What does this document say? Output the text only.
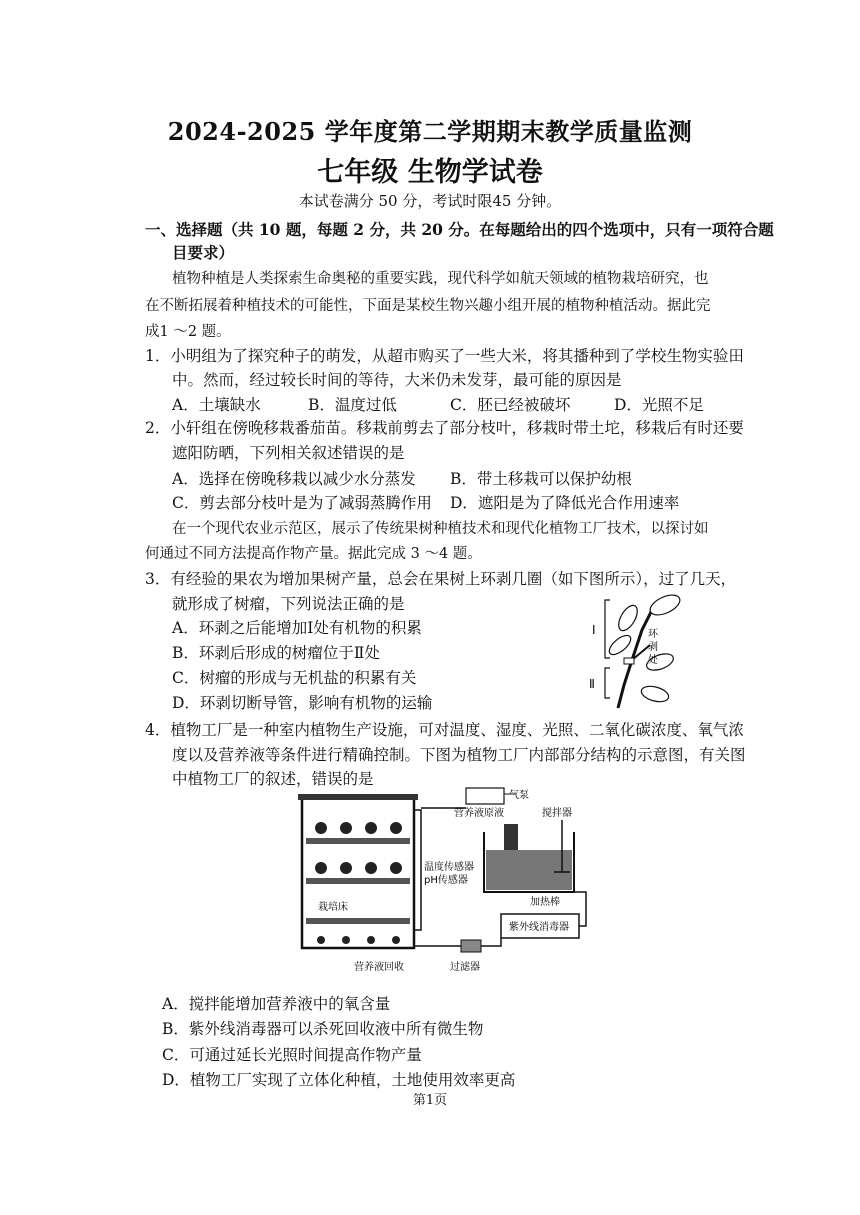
2024-2025 学年度第二学期期末教学质量监测
七年级 生物学试卷
本试卷满分 50 分，考试时限45 分钟。
一、选择题（共 10 题，每题 2 分，共 20 分。在每题给出的四个选项中，只有一项符合题
目要求）
植物种植是人类探索生命奥秘的重要实践，现代科学如航天领域的植物栽培研究，也
在不断拓展着种植技术的可能性，下面是某校生物兴趣小组开展的植物种植活动。据此完
成1 ～2 题。
1．小明组为了探究种子的萌发，从超市购买了一些大米，将其播种到了学校生物实验田
中。然而，经过较长时间的等待，大米仍未发芽，最可能的原因是
A．土壤缺水	B．温度过低	C．胚已经被破坏	D．光照不足
2．小轩组在傍晚移栽番茄苗。移栽前剪去了部分枝叶，移栽时带土坨，移栽后有时还要
遮阳防晒，下列相关叙述错误的是
A．选择在傍晚移栽以减少水分蒸发 B．带土移栽可以保护幼根
C．剪去部分枝叶是为了减弱蒸腾作用 D．遮阳是为了降低光合作用速率
在一个现代农业示范区，展示了传统果树种植技术和现代化植物工厂技术，以探讨如
何通过不同方法提高作物产量。据此完成 3 ～4 题。
3．有经验的果农为增加果树产量，总会在果树上环剥几圈（如下图所示），过了几天，
就形成了树瘤，下列说法正确的是
A．环剥之后能增加Ⅰ处有机物的积累
B．环剥后形成的树瘤位于Ⅱ处
C．树瘤的形成与无机盐的积累有关
D．环剥切断导管，影响有机物的运输
Ⅰ
Ⅱ
环剥处
4．植物工厂是一种室内植物生产设施，可对温度、湿度、光照、二氧化碳浓度、氧气浓
度以及营养液等条件进行精确控制。下图为植物工厂内部部分结构的示意图，有关图
中植物工厂的叙述，错误的是
栽培床
气泵
营养液原液	搅拌器
温度传感器
pH传感器
加热棒
紫外线消毒器
营养液回收	过滤器
A．搅拌能增加营养液中的氧含量
B．紫外线消毒器可以杀死回收液中所有微生物
C．可通过延长光照时间提高作物产量
D．植物工厂实现了立体化种植，土地使用效率更高
第1页
